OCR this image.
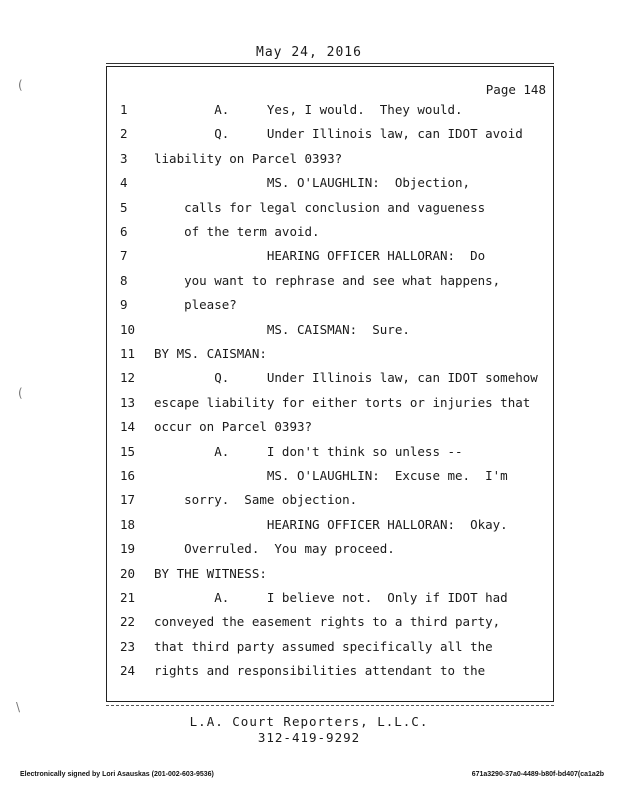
May 24, 2016
Page 148
1	A.     Yes, I would.  They would.
2	Q.     Under Illinois law, can IDOT avoid
3	liability on Parcel 0393?
4	MS. O'LAUGHLIN:  Objection,
5	calls for legal conclusion and vagueness
6	of the term avoid.
7	HEARING OFFICER HALLORAN:  Do
8	you want to rephrase and see what happens,
9	please?
10	MS. CAISMAN:  Sure.
11	BY MS. CAISMAN:
12	Q.     Under Illinois law, can IDOT somehow
13	escape liability for either torts or injuries that
14	occur on Parcel 0393?
15	A.     I don't think so unless --
16	MS. O'LAUGHLIN:  Excuse me.  I'm
17	sorry.  Same objection.
18	HEARING OFFICER HALLORAN:  Okay.
19	Overruled.  You may proceed.
20	BY THE WITNESS:
21	A.     I believe not.  Only if IDOT had
22	conveyed the easement rights to a third party,
23	that third party assumed specifically all the
24	rights and responsibilities attendant to the
L.A. Court Reporters, L.L.C.
312-419-9292
Electronically signed by Lori Asauskas (201-002-603-9536)	671a3290-37a0-4489-b80f-bd407(ca1a2b
(
(
\
